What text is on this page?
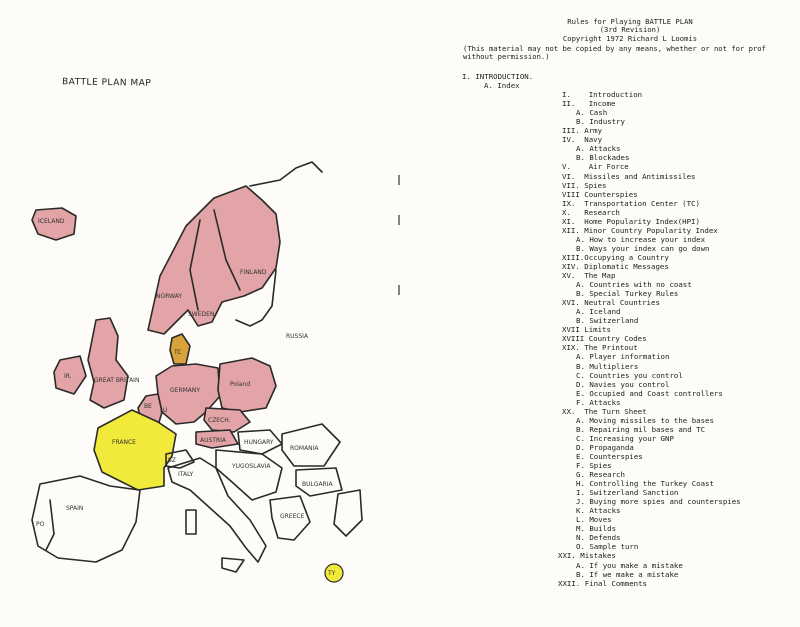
BATTLE PLAN MAP
TY
ICELAND
NORWAY
SWEDEN
FINLAND
RUSSIA
IR.
GREAT BRITAIN
TC
GERMANY
Poland
BE
LU
FRANCE
CZECH.
AUSTRIA	HUNGARY
ROMANIA
SZ
ITALY
YUGOSLAVIA
BULGARIA
GREECE
SPAIN
PO
Rules for Playing BATTLE PLAN
(3rd Revision)
Copyright 1972 Richard L Loomis
(This material may not be copied by any means, whether or not for prof
without permission.)
I. INTRODUCTION.
A. Index
I.    Introduction
II.   Income
A. Cash
B. Industry
III. Army
IV.  Navy
A. Attacks
B. Blockades
V.    Air Force
VI.  Missiles and Antimissiles
VII. Spies
VIII Counterspies
IX.  Transportation Center (TC)
X.   Research
XI.  Home Popularity Index(HPI)
XII. Minor Country Popularity Index
A. How to increase your index
B. Ways your index can go down
XIII.Occupying a Country
XIV. Diplomatic Messages
XV.  The Map
A. Countries with no coast
B. Special Turkey Rules
XVI. Neutral Countries
A. Iceland
B. Switzerland
XVII Limits
XVIII Country Codes
XIX. The Printout
A. Player information
B. Multipliers
C. Countries you control
D. Navies you control
E. Occupied and Coast controllers
F. Attacks
XX.  The Turn Sheet
A. Moving missiles to the bases
B. Repairing mil bases and TC
C. Increasing your GNP
D. Propaganda
E. Counterspies
F. Spies
G. Research
H. Controlling the Turkey Coast
I. Switzerland Sanction
J. Buying more spies and counterspies
K. Attacks
L. Moves
M. Builds
N. Defends
O. Sample turn
XXI. Mistakes
A. If you make a mistake
B. If we make a mistake
XXII. Final Comments
